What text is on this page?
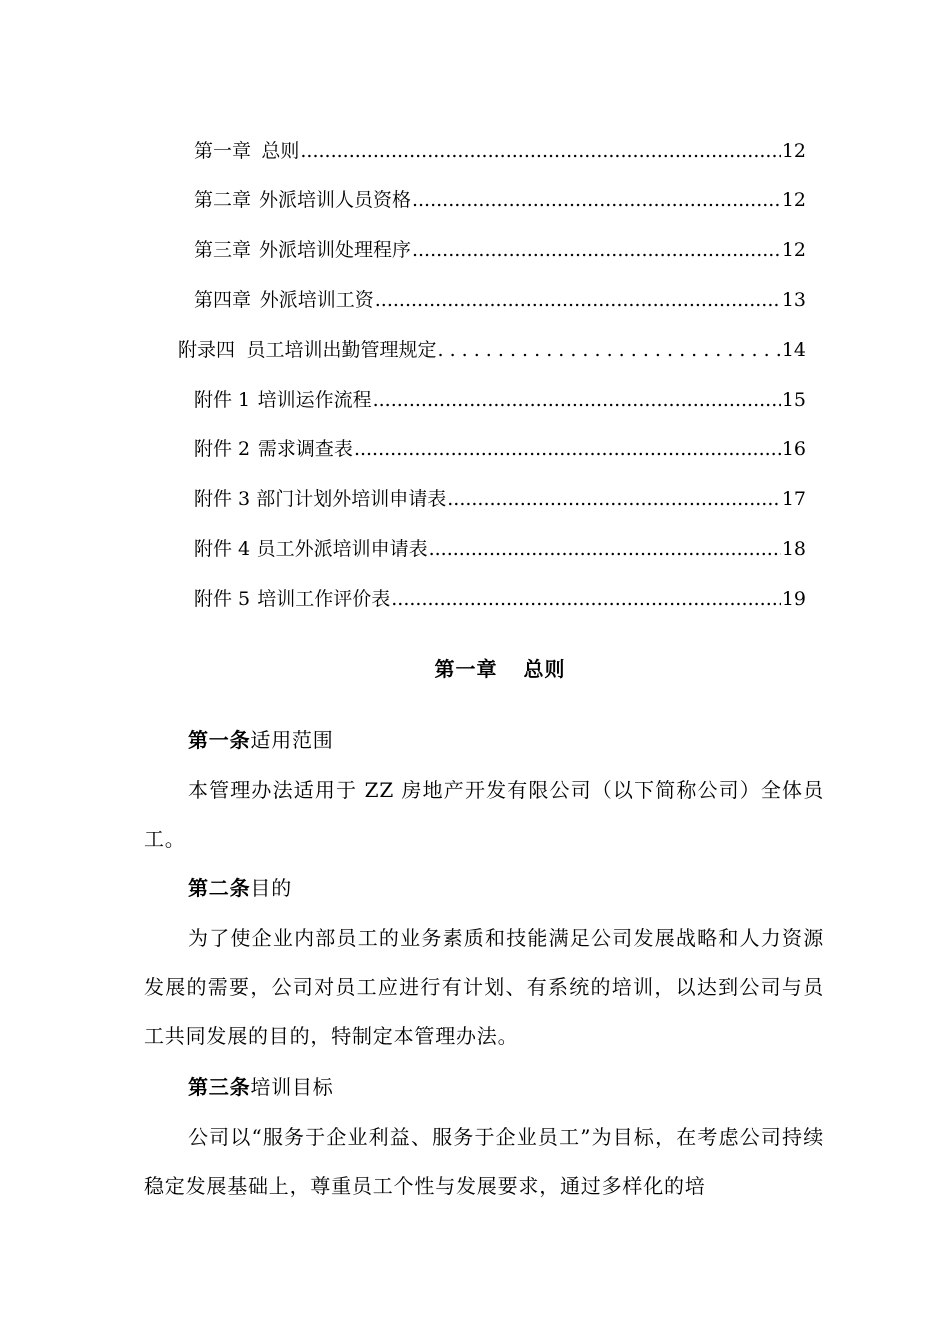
第一章 总则 .....	12
第二章 外派培训人员资格 .....	12
第三章 外派培训处理程序 .....	12
第四章 外派培训工资 .....	13
附录四 员工培训出勤管理规定 . . .	14
附件 1 培训运作流程 .....	15
附件 2 需求调查表 .....	16
附件 3 部门计划外培训申请表 .....	17
附件 4 员工外派培训申请表 .....	18
附件 5 培训工作评价表 .....	19
第一章 总则
第一条适用范围
本管理办法适用于 ZZ 房地产开发有限公司（以下简称公司）全体员工。
第二条目的
为了使企业内部员工的业务素质和技能满足公司发展战略和人力资源发展的需要，公司对员工应进行有计划、有系统的培训，以达到公司与员工共同发展的目的，特制定本管理办法。
第三条培训目标
公司以“服务于企业利益、服务于企业员工”为目标，在考虑公司持续稳定发展基础上，尊重员工个性与发展要求，通过多样化的培
